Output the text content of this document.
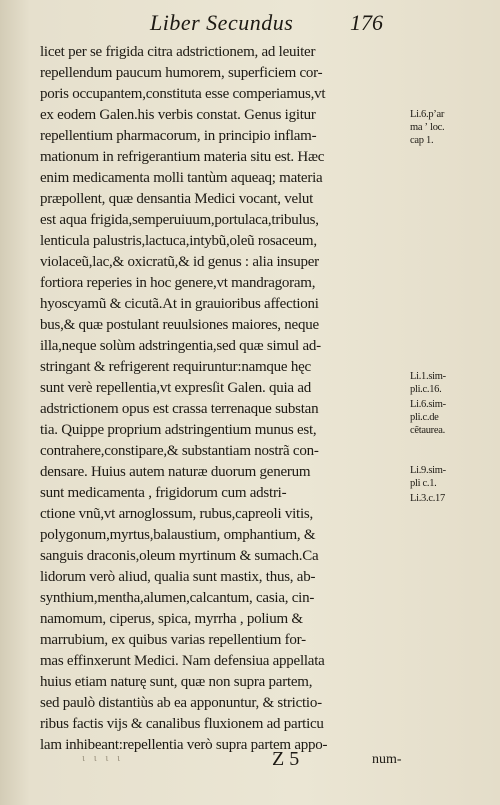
Liber Secundus	176
licet per se frigida citra adstrictionem, ad leuiter
repellendum paucum humorem, superficiem cor-
poris occupantem,constituta esse comperiamus,vt
ex eodem Galen.his verbis constat. Genus igitur
repellentium pharmacorum, in principio inflam-
mationum in refrigerantium materia situ est. Hæc
enim medicamenta molli tantùm aqueaq; materia
præpollent, quæ densantia Medici vocant, velut
est aqua frigida,semperuiuum,portulaca,tribulus,
lenticula palustris,lactuca,intybũ,oleũ rosaceum,
violaceũ,lac,& oxicratũ,& id genus : alia insuper
fortiora reperies in hoc genere,vt mandragoram,
hyoscyamũ & cicutã.At in grauioribus affectioni
bus,& quæ postulant reuulsiones maiores, neque
illa,neque solùm adstringentia,sed quæ simul ad-
stringant & refrigerent requiruntur:namque hęc
sunt verè repellentia,vt expresſit Galen. quia ad
adstrictionem opus est crassa terrenaque substan
tia. Quippe proprium adstringentium munus est,
contrahere,constipare,& substantiam nostrã con-
densare. Huius autem naturæ duorum generum
sunt medicamenta , frigidorum cum adstri-
ctione vnũ,vt arnoglossum, rubus,capreoli vitis,
polygonum,myrtus,balaustium, omphantium, &
sanguis draconis,oleum myrtinum & sumach.Ca
lidorum verò aliud, qualia sunt mastix, thus, ab-
synthium,mentha,alumen,calcantum, casia, cin-
namomum, ciperus, spica, myrrha , polium &
marrubium, ex quibus varias repellentium for-
mas effinxerunt Medici. Nam defensiua appellata
huius etiam naturę sunt, quæ non supra partem,
sed paulò distantiùs ab ea apponuntur, & strictio-
ribus factis vijs & canalibus fluxionem ad particu
lam inhibeant:repellentia verò supra partem appo-
Li.6.pʼar
ma ʼ loc.
cap 1.
Li.1.sim-
pli.c.16.
Li.6.sim-
pli.c.de
cẽtaurea.
Li.9.sim-
pli c.1.
Li.3.c.17
ι ι ι ι	Z 5	num-
